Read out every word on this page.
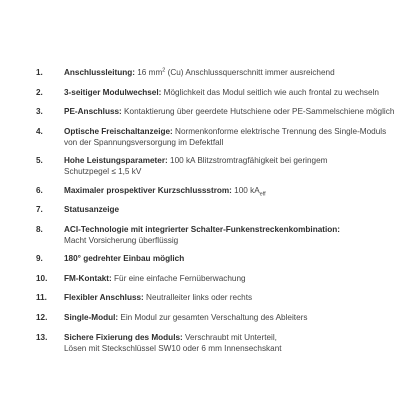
1.	Anschlussleitung: 16 $mm^2$ (Cu) Anschlussquerschnitt immer ausreichend
2.	3-seitiger Modulwechsel: Möglichkeit das Modul seitlich wie auch frontal zu wechseln
3.	PE-Anschluss: Kontaktierung über geerdete Hutschiene oder PE-Sammelschiene möglich
4.	Optische Freischaltanzeige: Normenkonforme elektrische Trennung des Single-Moduls
von der Spannungsversorgung im Defektfall
5.	Hohe Leistungsparameter: 100 kA Blitzstromtragfähigkeit bei geringem
Schutzpegel ≤ 1,5 kV
6.	Maximaler prospektiver Kurzschlussstrom: 100 $kA_{eff}$
7.	Statusanzeige
8.	ACI-Technologie mit integrierter Schalter-Funkenstreckenkombination:
Macht Vorsicherung überflüssig
9.	180° gedrehter Einbau möglich
10. FM-Kontakt: Für eine einfache Fernüberwachung
11. Flexibler Anschluss: Neutralleiter links oder rechts
12. Single-Modul: Ein Modul zur gesamten Verschaltung des Ableiters
13. Sichere Fixierung des Moduls: Verschraubt mit Unterteil,
Lösen mit Steckschlüssel SW10 oder 6 mm Innensechskant
